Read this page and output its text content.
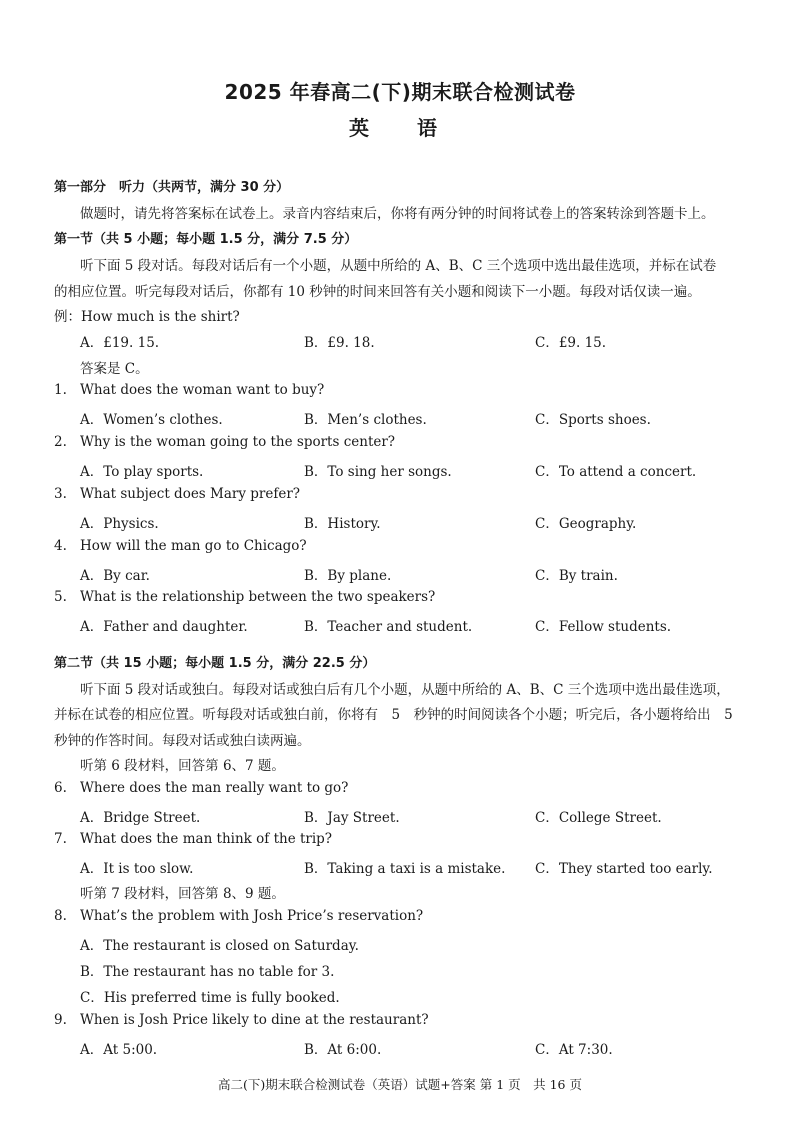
2025 年春高二(下)期末联合检测试卷
英　语
第一部分　听力（共两节，满分 30 分）
做题时，请先将答案标在试卷上。录音内容结束后，你将有两分钟的时间将试卷上的答案转涂到答题卡上。
第一节（共 5 小题；每小题 1.5 分，满分 7.5 分）
听下面 5 段对话。每段对话后有一个小题，从题中所给的 A、B、C 三个选项中选出最佳选项，并标在试卷
的相应位置。听完每段对话后，你都有 10 秒钟的时间来回答有关小题和阅读下一小题。每段对话仅读一遍。
例：How much is the shirt?
A．£19. 15.	B．£9. 18.	C．£9. 15.
答案是 C。
1. What does the woman want to buy?
A．Women’s clothes.	B．Men’s clothes.	C．Sports shoes.
2. Why is the woman going to the sports center?
A．To play sports.	B．To sing her songs.	C．To attend a concert.
3. What subject does Mary prefer?
A．Physics.	B．History.	C．Geography.
4. How will the man go to Chicago?
A．By car.	B．By plane.	C．By train.
5. What is the relationship between the two speakers?
A．Father and daughter.	B．Teacher and student.	C．Fellow students.
第二节（共 15 小题；每小题 1.5 分，满分 22.5 分）
听下面 5 段对话或独白。每段对话或独白后有几个小题，从题中所给的 A、B、C 三个选项中选出最佳选项，
并标在试卷的相应位置。听每段对话或独白前，你将有　5　秒钟的时间阅读各个小题；听完后，各小题将给出　5
秒钟的作答时间。每段对话或独白读两遍。
听第 6 段材料，回答第 6、7 题。
6. Where does the man really want to go?
A．Bridge Street.	B．Jay Street.	C．College Street.
7. What does the man think of the trip?
A．It is too slow.	B．Taking a taxi is a mistake. C．They started too early.
听第 7 段材料，回答第 8、9 题。
8. What’s the problem with Josh Price’s reservation?
A．The restaurant is closed on Saturday.
B．The restaurant has no table for 3.
C．His preferred time is fully booked.
9. When is Josh Price likely to dine at the restaurant?
A．At 5:00.	B．At 6:00.	C．At 7:30.
高二(下)期末联合检测试卷（英语）试题+答案 第 1 页　共 16 页
